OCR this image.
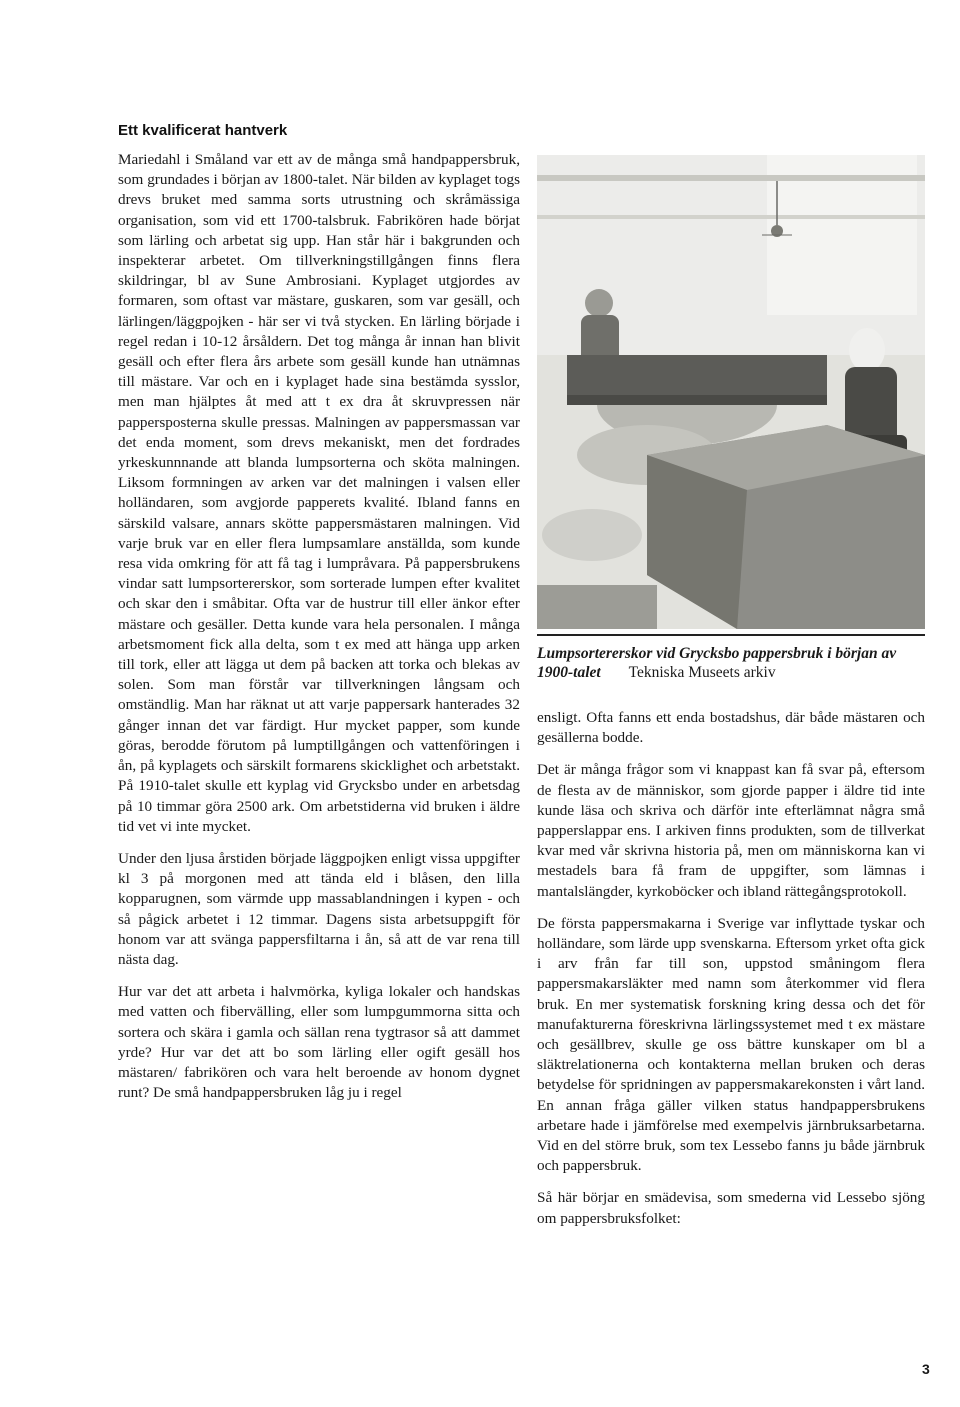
Ett kvalificerat hantverk

Mariedahl i Småland var ett av de många små handpappersbruk, som grundades i början av 1800-talet. När bilden av kyplaget togs drevs bruket med samma sorts utrustning och skråmässiga organisation, som vid ett 1700-talsbruk. Fabrikören hade börjat som lärling och arbetat sig upp. Han står här i bakgrunden och inspekterar arbetet. Om tillverkningstillgången finns flera skildringar, bl av Sune Ambrosiani. Kyplaget utgjordes av formaren, som oftast var mästare, guskaren, som var gesäll, och lärlingen/läggpojken - här ser vi två stycken. En lärling började i regel redan i 10-12 årsåldern. Det tog många år innan han blivit gesäll och efter flera års arbete som gesäll kunde han utnämnas till mästare. Var och en i kyplaget hade sina bestämda sysslor, men man hjälptes åt med att t ex dra åt skruvpressen när pappersposterna skulle pressas. Malningen av pappersmassan var det enda moment, som drevs mekaniskt, men det fordrades yrkeskunnnande att blanda lumpsorterna och sköta malningen. Liksom formningen av arken var det malningen i valsen eller holländaren, som avgjorde papperets kvalité. Ibland fanns en särskild valsare, annars skötte pappersmästaren malningen. Vid varje bruk var en eller flera lumpsamlare anställda, som kunde resa vida omkring för att få tag i lumpråvara. På pappersbrukens vindar satt lumpsortererskor, som sorterade lumpen efter kvalitet och skar den i småbitar. Ofta var de hustrur till eller änkor efter mästare och gesäller. Detta kunde vara hela personalen. I många arbetsmoment fick alla delta, som t ex med att hänga upp arken till tork, eller att lägga ut dem på backen att torka och blekas av solen. Som man förstår var tillverkningen långsam och omständlig. Man har räknat ut att varje pappersark hanterades 32 gånger innan det var färdigt. Hur mycket papper, som kunde göras, berodde förutom på lumptillgången och vattenföringen i ån, på kyplagets och särskilt formarens skicklighet och arbetstakt. På 1910-talet skulle ett kyplag vid Grycksbo under en arbetsdag på 10 timmar göra 2500 ark. Om arbetstiderna vid bruken i äldre tid vet vi inte mycket.

Under den ljusa årstiden började läggpojken enligt vissa uppgifter kl 3 på morgonen med att tända eld i blåsen, den lilla kopparugnen, som värmde upp massablandningen i kypen - och så pågick arbetet i 12 timmar. Dagens sista arbetsuppgift för honom var att svänga pappersfiltarna i ån, så att de var rena till nästa dag.

Hur var det att arbeta i halvmörka, kyliga lokaler och handskas med vatten och fibervälling, eller som lumpgummorna sitta och sortera och skära i gamla och sällan rena tygtrasor så att dammet yrde? Hur var det att bo som lärling eller ogift gesäll hos mästaren/ fabrikören och vara helt beroende av honom dygnet runt? De små handpappersbruken låg ju i regel

Lumpsortererskor vid Grycksbo pappersbruk i början av 1900-talet Tekniska Museets arkiv

ensligt. Ofta fanns ett enda bostadshus, där både mästaren och gesällerna bodde.

Det är många frågor som vi knappast kan få svar på, eftersom de flesta av de människor, som gjorde papper i äldre tid inte kunde läsa och skriva och därför inte efterlämnat några små papperslappar ens. I arkiven finns produkten, som de tillverkat kvar med vår skrivna historia på, men om människorna kan vi mestadels bara få fram de uppgifter, som lämnas i mantalslängder, kyrkoböcker och ibland rättegångsprotokoll.

De första pappersmakarna i Sverige var inflyttade tyskar och holländare, som lärde upp svenskarna. Eftersom yrket ofta gick i arv från far till son, uppstod småningom flera pappersmakarsläkter med namn som återkommer vid flera bruk. En mer systematisk forskning kring dessa och det för manufakturerna föreskrivna lärlingssystemet med t ex mästare och gesällbrev, skulle ge oss bättre kunskaper om bl a släktrelationerna och kontakterna mellan bruken och deras betydelse för spridningen av pappersmakarekonsten i vårt land. En annan fråga gäller vilken status handpappersbrukens arbetare hade i jämförelse med exempelvis järnbruksarbetarna. Vid en del större bruk, som tex Lessebo fanns ju både järnbruk och pappersbruk.

Så här börjar en smädevisa, som smederna vid Lessebo sjöng om pappersbruksfolket:

3
